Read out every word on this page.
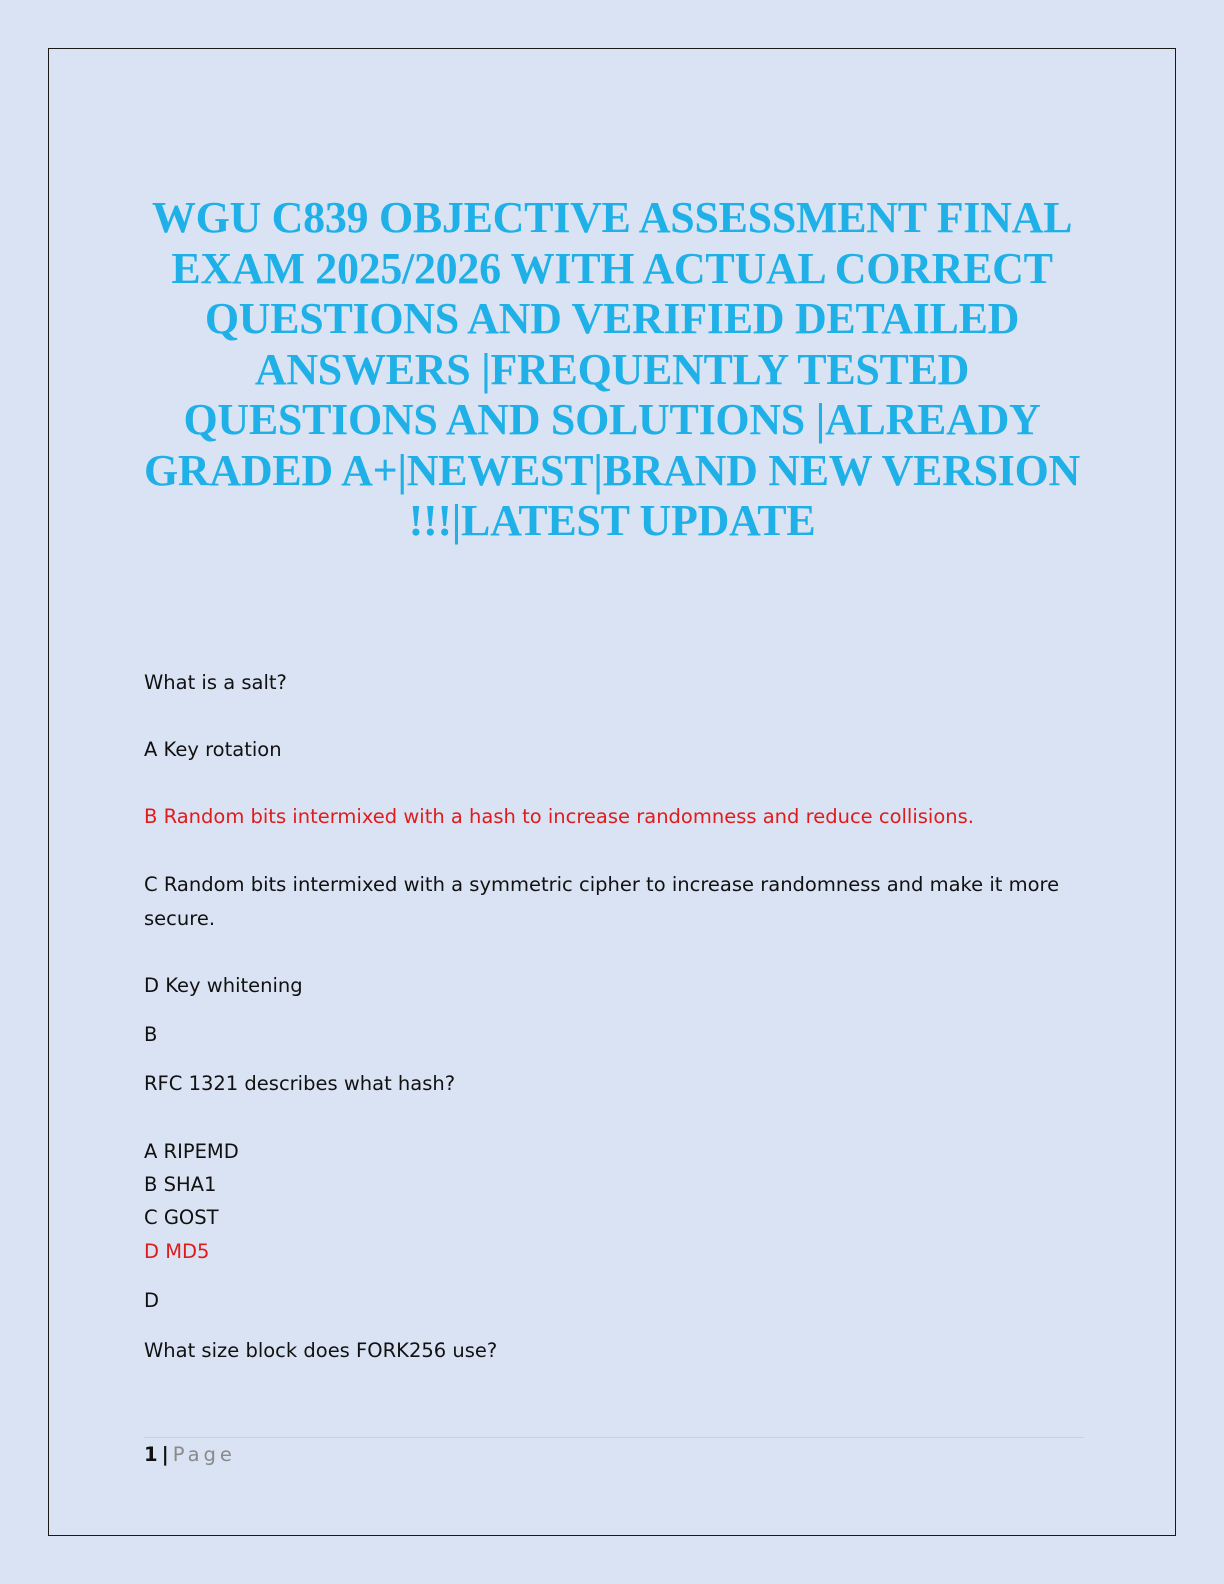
WGU C839 OBJECTIVE ASSESSMENT FINAL EXAM 2025/2026 WITH ACTUAL CORRECT QUESTIONS AND VERIFIED DETAILED ANSWERS |FREQUENTLY TESTED QUESTIONS AND SOLUTIONS |ALREADY GRADED A+|NEWEST|BRAND NEW VERSION !!!|LATEST UPDATE
What is a salt?
A Key rotation
B Random bits intermixed with a hash to increase randomness and reduce collisions.
C Random bits intermixed with a symmetric cipher to increase randomness and make it more secure.
D Key whitening
B
RFC 1321 describes what hash?
A RIPEMD
B SHA1
C GOST
D MD5
D
What size block does FORK256 use?
1 | Page
